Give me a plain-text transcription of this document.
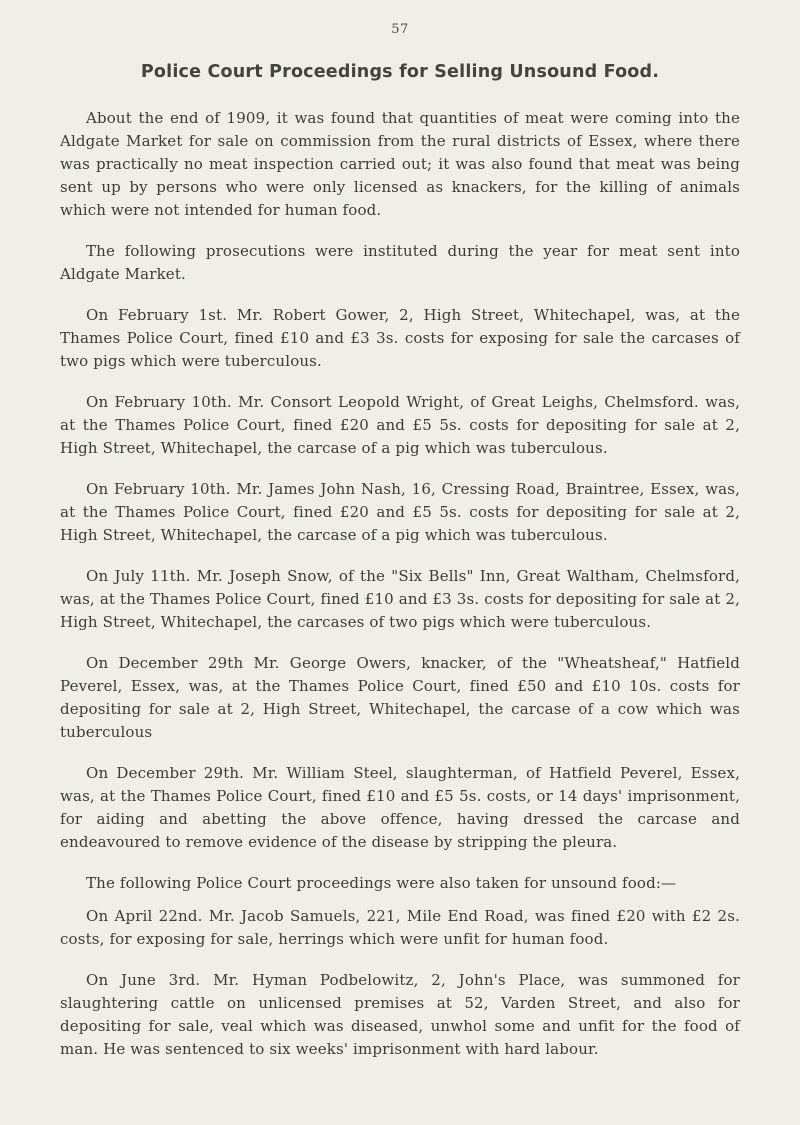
57
Police Court Proceedings for Selling Unsound Food.

About the end of 1909, it was found that quantities of meat were coming into the Aldgate Market for sale on commission from the rural districts of Essex, where there was practically no meat inspection carried out; it was also found that meat was being sent up by persons who were only licensed as knackers, for the killing of animals which were not intended for human food.

The following prosecutions were instituted during the year for meat sent into Aldgate Market.

On February 1st. Mr. Robert Gower, 2, High Street, Whitechapel, was, at the Thames Police Court, fined £10 and £3 3s. costs for exposing for sale the carcases of two pigs which were tuberculous.

On February 10th. Mr. Consort Leopold Wright, of Great Leighs, Chelmsford. was, at the Thames Police Court, fined £20 and £5 5s. costs for depositing for sale at 2, High Street, Whitechapel, the carcase of a pig which was tuberculous.

On February 10th. Mr. James John Nash, 16, Cressing Road, Braintree, Essex, was, at the Thames Police Court, fined £20 and £5 5s. costs for depositing for sale at 2, High Street, Whitechapel, the carcase of a pig which was tuberculous.

On July 11th. Mr. Joseph Snow, of the "Six Bells" Inn, Great Waltham, Chelmsford, was, at the Thames Police Court, fined £10 and £3 3s. costs for depositing for sale at 2, High Street, Whitechapel, the carcases of two pigs which were tuberculous.

On December 29th Mr. George Owers, knacker, of the "Wheatsheaf," Hatfield Peverel, Essex, was, at the Thames Police Court, fined £50 and £10 10s. costs for depositing for sale at 2, High Street, Whitechapel, the carcase of a cow which was tuberculous

On December 29th. Mr. William Steel, slaughterman, of Hatfield Peverel, Essex, was, at the Thames Police Court, fined £10 and £5 5s. costs, or 14 days' imprisonment, for aiding and abetting the above offence, having dressed the carcase and endeavoured to remove evidence of the disease by stripping the pleura.

The following Police Court proceedings were also taken for unsound food:—

On April 22nd. Mr. Jacob Samuels, 221, Mile End Road, was fined £20 with £2 2s. costs, for exposing for sale, herrings which were unfit for human food.

On June 3rd. Mr. Hyman Podbelowitz, 2, John's Place, was summoned for slaughtering cattle on unlicensed premises at 52, Varden Street, and also for depositing for sale, veal which was diseased, unwhol some and unfit for the food of man. He was sentenced to six weeks' imprisonment with hard labour.
